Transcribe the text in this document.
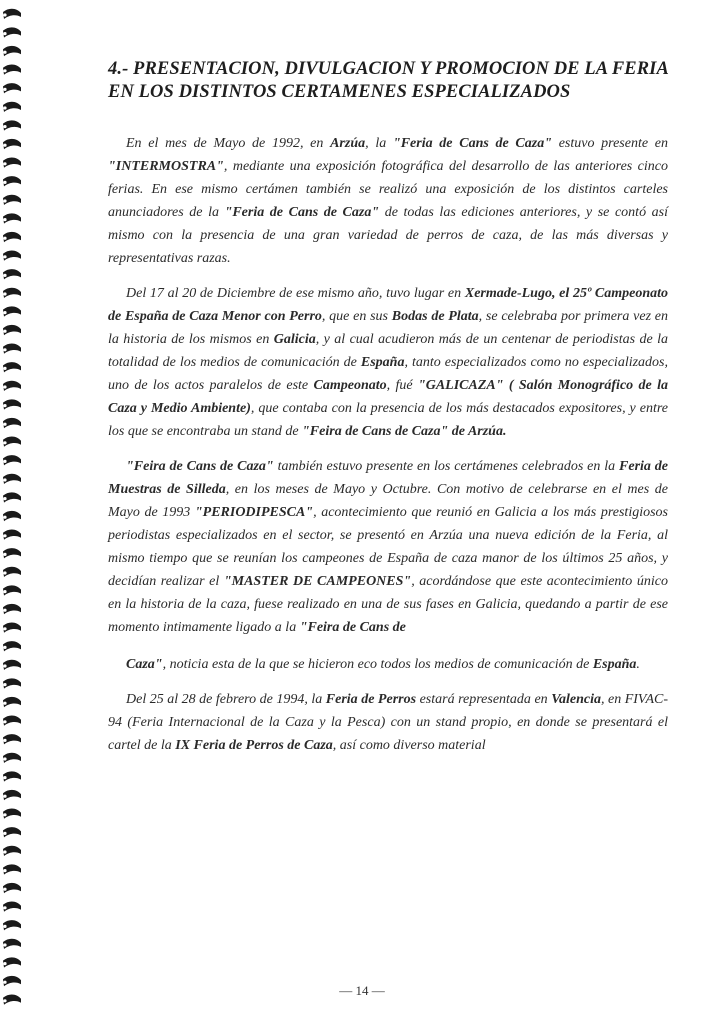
4.- PRESENTACION, DIVULGACION Y PROMOCION DE LA FERIA EN LOS DISTINTOS CERTAMENES ESPECIALIZADOS

En el mes de Mayo de 1992, en Arzúa, la "Feria de Cans de Caza" estuvo presente en "INTERMOSTRA", mediante una exposición fotográfica del desarrollo de las anteriores cinco ferias. En ese mismo certámen también se realizó una exposición de los distintos carteles anunciadores de la "Feria de Cans de Caza" de todas las ediciones anteriores, y se contó así mismo con la presencia de una gran variedad de perros de caza, de las más diversas y representativas razas.

Del 17 al 20 de Diciembre de ese mismo año, tuvo lugar en Xermade-Lugo, el 25º Campeonato de España de Caza Menor con Perro, que en sus Bodas de Plata, se celebraba por primera vez en la historia de los mismos en Galicia, y al cual acudieron más de un centenar de periodistas de la totalidad de los medios de comunicación de España, tanto especializados como no especializados, uno de los actos paralelos de este Campeonato, fué "GALICAZA" ( Salón Monográfico de la Caza y Medio Ambiente), que contaba con la presencia de los más destacados expositores, y entre los que se encontraba un stand de "Feira de Cans de Caza" de Arzúa.

"Feira de Cans de Caza" también estuvo presente en los certámenes celebrados en la Feria de Muestras de Silleda, en los meses de Mayo y Octubre. Con motivo de celebrarse en el mes de Mayo de 1993 "PERIODIPESCA", acontecimiento que reunió en Galicia a los más prestigiosos periodistas especializados en el sector, se presentó en Arzúa una nueva edición de la Feria, al mismo tiempo que se reunían los campeones de España de caza manor de los últimos 25 años, y decidían realizar el "MASTER DE CAMPEONES", acordándose que este acontecimiento único en la historia de la caza, fuese realizado en una de sus fases en Galicia, quedando a partir de ese momento intimamente ligado a la "Feira de Cans de

Caza", noticia esta de la que se hicieron eco todos los medios de comunicación de España.

Del 25 al 28 de febrero de 1994, la Feria de Perros estará representada en Valencia, en FIVAC-94 (Feria Internacional de la Caza y la Pesca) con un stand propio, en donde se presentará el cartel de la IX Feria de Perros de Caza, así como diverso material

— 14 —
